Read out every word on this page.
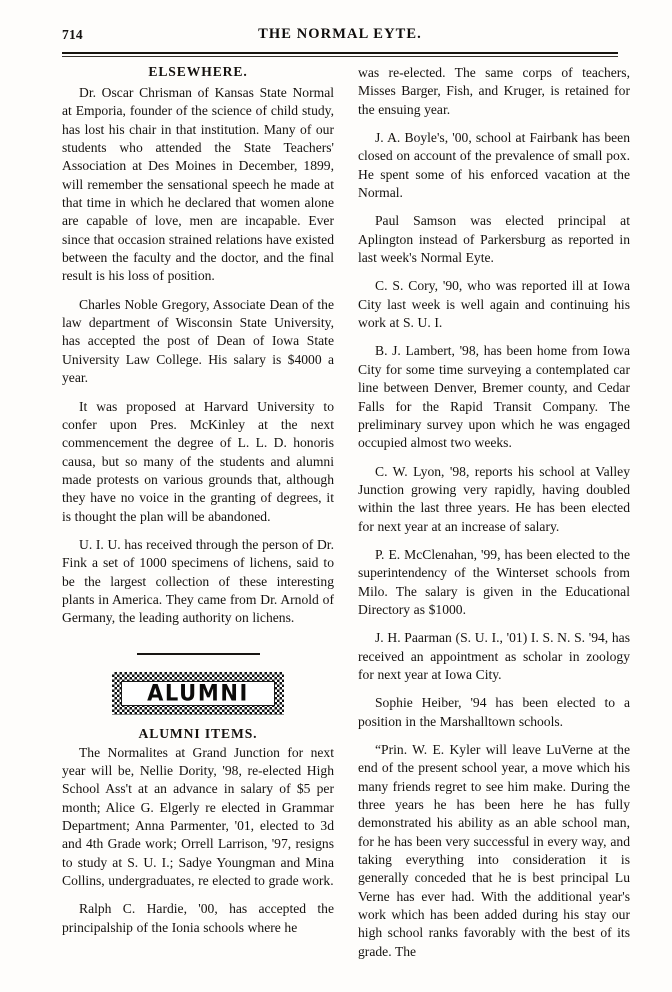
714	THE NORMAL EYTE.
ELSEWHERE.

Dr. Oscar Chrisman of Kansas State Normal at Emporia, founder of the science of child study, has lost his chair in that institution. Many of our students who attended the State Teachers' Association at Des Moines in December, 1899, will remember the sensational speech he made at that time in which he declared that women alone are capable of love, men are incapable. Ever since that occasion strained relations have existed between the faculty and the doctor, and the final result is his loss of position.

Charles Noble Gregory, Associate Dean of the law department of Wisconsin State University, has accepted the post of Dean of Iowa State University Law College. His salary is $4000 a year.

It was proposed at Harvard University to confer upon Pres. McKinley at the next commencement the degree of L. L. D. honoris causa, but so many of the students and alumni made protests on various grounds that, although they have no voice in the granting of degrees, it is thought the plan will be abandoned.

U. I. U. has received through the person of Dr. Fink a set of 1000 specimens of lichens, said to be the largest collection of these interesting plants in America. They came from Dr. Arnold of Germany, the leading authority on lichens.

ALUMNI
ALUMNI ITEMS.

The Normalites at Grand Junction for next year will be, Nellie Dority, '98, re-elected High School Ass't at an advance in salary of $5 per month; Alice G. Elgerly re elected in Grammar Department; Anna Parmenter, '01, elected to 3d and 4th Grade work; Orrell Larrison, '97, resigns to study at S. U. I.; Sadye Youngman and Mina Collins, undergraduates, re elected to grade work.

Ralph C. Hardie, '00, has accepted the principalship of the Ionia schools where he

was re-elected. The same corps of teachers, Misses Barger, Fish, and Kruger, is retained for the ensuing year.

J. A. Boyle's, '00, school at Fairbank has been closed on account of the prevalence of small pox. He spent some of his enforced vacation at the Normal.

Paul Samson was elected principal at Aplington instead of Parkersburg as reported in last week's Normal Eyte.

C. S. Cory, '90, who was reported ill at Iowa City last week is well again and continuing his work at S. U. I.

B. J. Lambert, '98, has been home from Iowa City for some time surveying a contemplated car line between Denver, Bremer county, and Cedar Falls for the Rapid Transit Company. The preliminary survey upon which he was engaged occupied almost two weeks.

C. W. Lyon, '98, reports his school at Valley Junction growing very rapidly, having doubled within the last three years. He has been elected for next year at an increase of salary.

P. E. McClenahan, '99, has been elected to the superintendency of the Winterset schools from Milo. The salary is given in the Educational Directory as $1000.

J. H. Paarman (S. U. I., '01) I. S. N. S. '94, has received an appointment as scholar in zoology for next year at Iowa City.

Sophie Heiber, '94 has been elected to a position in the Marshalltown schools.

“Prin. W. E. Kyler will leave LuVerne at the end of the present school year, a move which his many friends regret to see him make. During the three years he has been here he has fully demonstrated his ability as an able school man, for he has been very successful in every way, and taking everything into consideration it is generally conceded that he is best principal Lu Verne has ever had. With the additional year's work which has been added during his stay our high school ranks favorably with the best of its grade. The
